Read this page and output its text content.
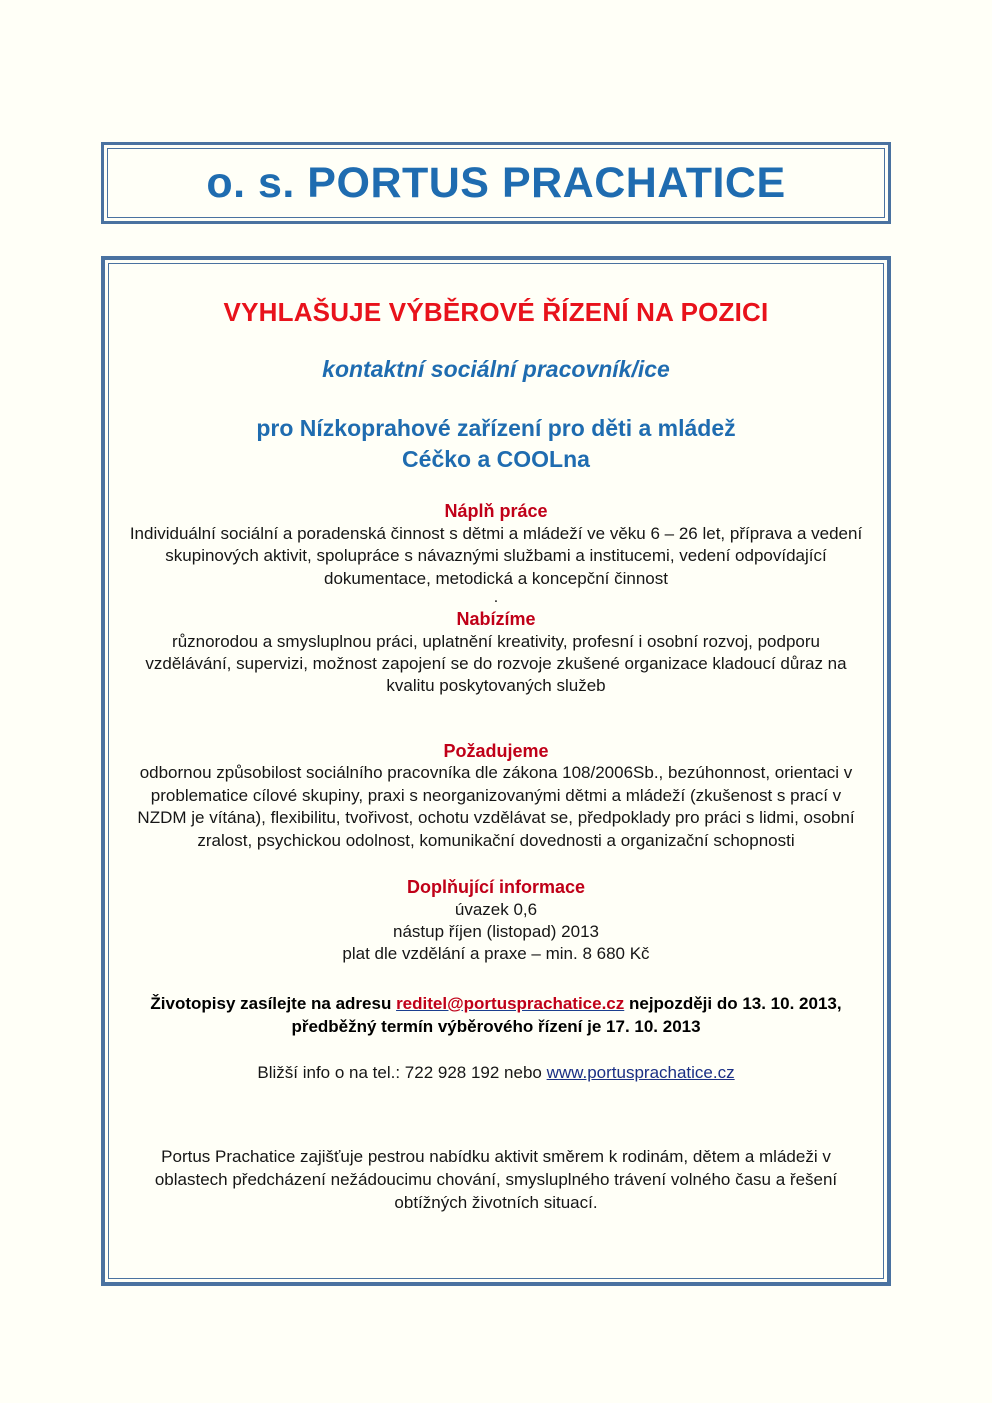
o. s. PORTUS PRACHATICE
VYHLAŠUJE VÝBĚROVÉ ŘÍZENÍ NA POZICI
kontaktní sociální pracovník/ice
pro Nízkoprahové zařízení pro děti a mládež
Céčko a COOLna
Náplň práce
Individuální sociální a poradenská činnost s dětmi a mládeží ve věku 6 – 26 let, příprava a vedení skupinových aktivit, spolupráce s návaznými službami a institucemi, vedení odpovídající dokumentace, metodická a koncepční činnost
.
Nabízíme
různorodou a smysluplnou práci, uplatnění kreativity, profesní i osobní rozvoj, podporu vzdělávání, supervizi, možnost zapojení se do rozvoje zkušené organizace kladoucí důraz na kvalitu poskytovaných služeb
Požadujeme
odbornou způsobilost sociálního pracovníka dle zákona 108/2006Sb., bezúhonnost, orientaci v problematice cílové skupiny, praxi s neorganizovanými dětmi a mládeží (zkušenost s prací v NZDM je vítána), flexibilitu, tvořivost, ochotu vzdělávat se, předpoklady pro práci s lidmi, osobní zralost, psychickou odolnost, komunikační dovednosti a organizační schopnosti
Doplňující informace
úvazek 0,6
nástup říjen (listopad) 2013
plat dle vzdělání a praxe – min. 8 680 Kč
Životopisy zasílejte na adresu reditel@portusprachatice.cz nejpozději do 13. 10. 2013,
předběžný termín výběrového řízení je 17. 10. 2013
Bližší info o na tel.: 722 928 192 nebo www.portusprachatice.cz
Portus Prachatice zajišťuje pestrou nabídku aktivit směrem k rodinám, dětem a mládeži v oblastech předcházení nežádoucimu chování, smysluplného trávení volného času a řešení obtížných životních situací.
